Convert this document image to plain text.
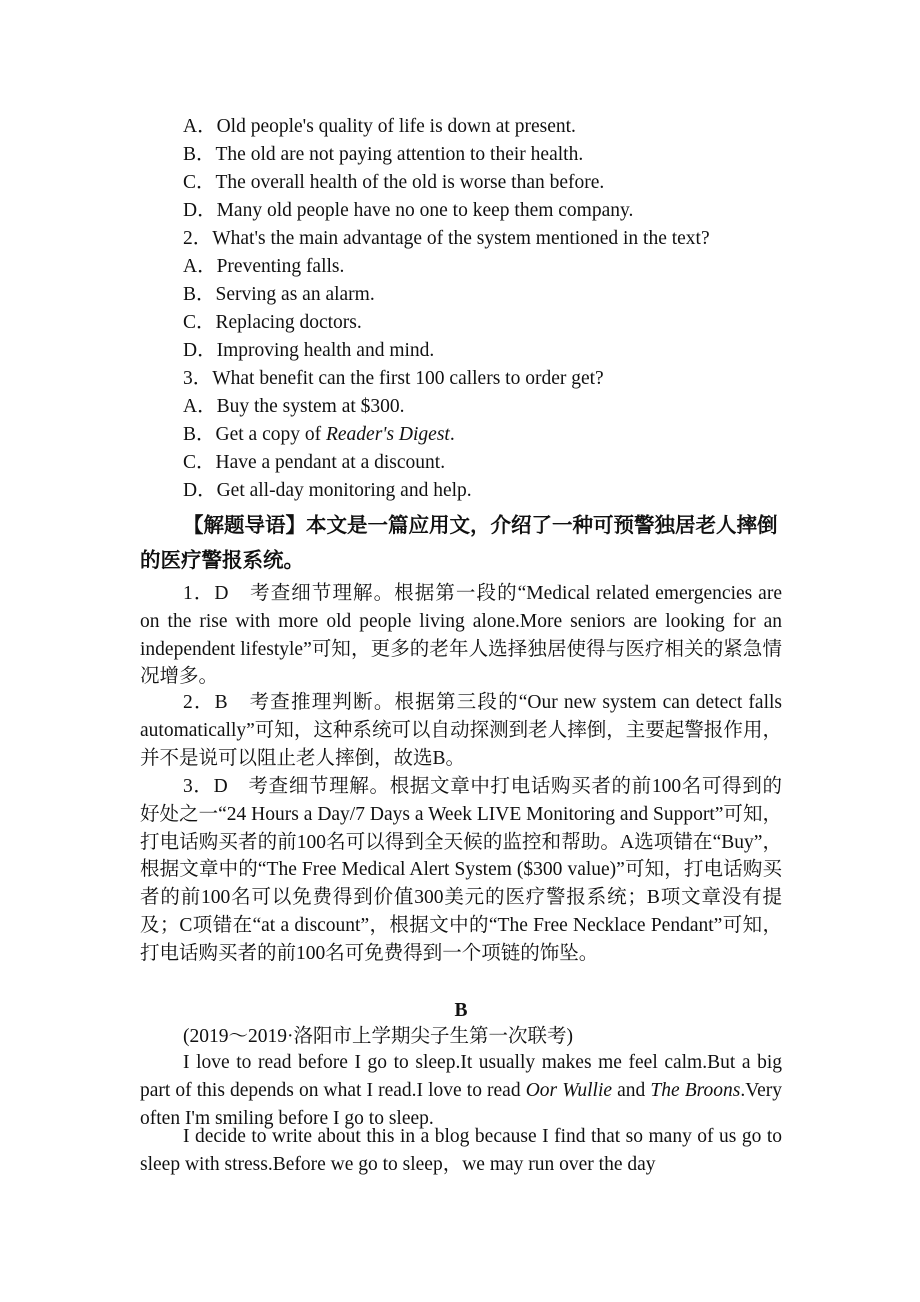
A．Old people's quality of life is down at present.
B．The old are not paying attention to their health.
C．The overall health of the old is worse than before.
D．Many old people have no one to keep them company.
2．What's the main advantage of the system mentioned in the text?
A．Preventing falls.
B．Serving as an alarm.
C．Replacing doctors.
D．Improving health and mind.
3．What benefit can the first 100 callers to order get?
A．Buy the system at $300.
B．Get a copy of Reader's Digest.
C．Have a pendant at a discount.
D．Get all-day monitoring and help.
【解题导语】本文是一篇应用文，介绍了一种可预警独居老人摔倒的医疗警报系统。
1．D　考查细节理解。根据第一段的“Medical related emergencies are on the rise with more old people living alone.More seniors are looking for an independent lifestyle”可知，更多的老年人选择独居使得与医疗相关的紧急情况增多。
2．B　考查推理判断。根据第三段的“Our new system can detect falls automatically”可知，这种系统可以自动探测到老人摔倒，主要起警报作用，并不是说可以阻止老人摔倒，故选B。
3．D　考查细节理解。根据文章中打电话购买者的前100名可得到的好处之一“24 Hours a Day/7 Days a Week LIVE Monitoring and Support”可知，打电话购买者的前100名可以得到全天候的监控和帮助。A选项错在“Buy”，根据文章中的“The Free Medical Alert System ($300 value)”可知，打电话购买者的前100名可以免费得到价值300美元的医疗警报系统；B项文章没有提及；C项错在“at a discount”，根据文中的“The Free Necklace Pendant”可知，打电话购买者的前100名可免费得到一个项链的饰坠。
B
(2019～2019·洛阳市上学期尖子生第一次联考)
I love to read before I go to sleep.It usually makes me feel calm.But a big part of this depends on what I read.I love to read Oor Wullie and The Broons.Very often I'm smiling before I go to sleep.
I decide to write about this in a blog because I find that so many of us go to sleep with stress.Before we go to sleep，we may run over the day
